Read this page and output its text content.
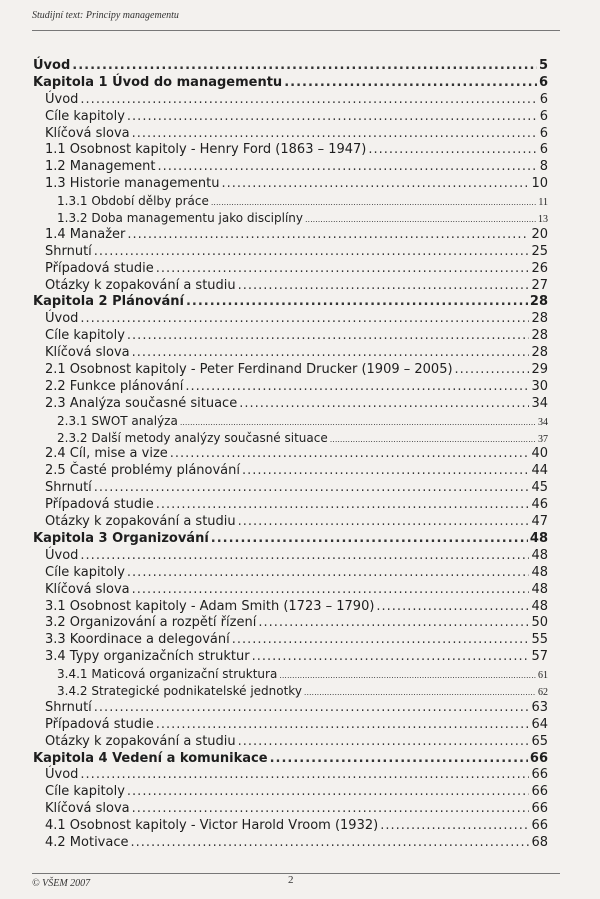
Studijní text: Principy managementu
Úvod .....	5
Kapitola 1 Úvod do managementu .....	6
Úvod .....	6
Cíle kapitoly .....	6
Klíčová slova .....	6
1.1 Osobnost kapitoly - Henry Ford (1863 – 1947) .....	6
1.2 Management .....	8
1.3 Historie managementu .....	10
1.3.1 Období dělby práce .....	11
1.3.2 Doba managementu jako disciplíny .....	13
1.4 Manažer .....	20
Shrnutí .....	25
Případová studie .....	26
Otázky k zopakování a studiu .....	27
Kapitola 2 Plánování .....	28
Úvod .....	28
Cíle kapitoly .....	28
Klíčová slova .....	28
2.1 Osobnost kapitoly - Peter Ferdinand Drucker (1909 – 2005) .....	29
2.2 Funkce plánování .....	30
2.3 Analýza současné situace .....	34
2.3.1 SWOT analýza .....	34
2.3.2 Další metody analýzy současné situace .....	37
2.4 Cíl, mise a vize .....	40
2.5 Časté problémy plánování .....	44
Shrnutí .....	45
Případová studie .....	46
Otázky k zopakování a studiu .....	47
Kapitola 3 Organizování .....	48
Úvod .....	48
Cíle kapitoly .....	48
Klíčová slova .....	48
3.1 Osobnost kapitoly - Adam Smith (1723 – 1790) .....	48
3.2 Organizování a rozpětí řízení .....	50
3.3 Koordinace a delegování .....	55
3.4 Typy organizačních struktur .....	57
3.4.1 Maticová organizační struktura .....	61
3.4.2 Strategické podnikatelské jednotky .....	62
Shrnutí .....	63
Případová studie .....	64
Otázky k zopakování a studiu .....	65
Kapitola 4 Vedení a komunikace .....	66
Úvod .....	66
Cíle kapitoly .....	66
Klíčová slova .....	66
4.1 Osobnost kapitoly - Victor Harold Vroom (1932) .....	66
4.2 Motivace .....	68
© VŠEM 2007	2
